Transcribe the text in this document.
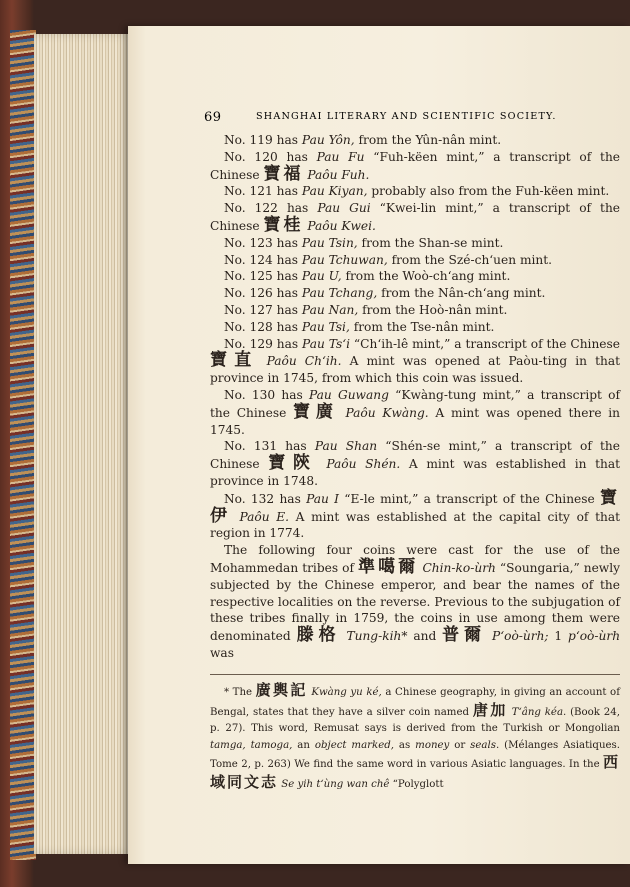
69	SHANGHAI LITERARY AND SCIENTIFIC SOCIETY.

No. 119 has Pau Yôn, from the Yûn-nân mint.

No. 120 has Pau Fu “Fuh-këen mint,” a transcript of the Chinese 寶福 Paôu Fuh.

No. 121 has Pau Kiyan, probably also from the Fuh-këen mint.

No. 122 has Pau Gui “Kwei-lin mint,” a transcript of the Chinese 寶桂 Paôu Kwei.

No. 123 has Pau Tsin, from the Shan-se mint.

No. 124 has Pau Tchuwan, from the Szé-ch‘uen mint.

No. 125 has Pau U, from the Woò-ch‘ang mint.

No. 126 has Pau Tchang, from the Nân-ch‘ang mint.

No. 127 has Pau Nan, from the Hoò-nân mint.

No. 128 has Pau Tsi, from the Tse-nân mint.

No. 129 has Pau Ts‘i “Ch‘ih-lê mint,” a transcript of the Chinese 寶直 Paôu Ch‘ih. A mint was opened at Paòu-ting in that province in 1745, from which this coin was issued.

No. 130 has Pau Guwang “Kwàng-tung mint,” a transcript of the Chinese 寶廣 Paôu Kwàng. A mint was opened there in 1745.

No. 131 has Pau Shan “Shén-se mint,” a transcript of the Chinese 寶陝 Paôu Shén. A mint was established in that province in 1748.

No. 132 has Pau I “E-le mint,” a transcript of the Chinese 寶伊 Paôu E. A mint was established at the capital city of that region in 1774.

The following four coins were cast for the use of the Mohammedan tribes of 準噶爾 Chin-ko-ùrh “Soungaria,” newly subjected by the Chinese emperor, and bear the names of the respective localities on the reverse. Previous to the subjugation of these tribes finally in 1759, the coins in use among them were denominated 滕格 Tung-kih* and 普爾 P‘oò-ùrh; 1 p‘oò-ùrh was

* The 廣輿記 Kwàng yu ké, a Chinese geography, in giving an account of Bengal, states that they have a silver coin named 唐加 T‘âng kéa. (Book 24, p. 27). This word, Remusat says is derived from the Turkish or Mongolian tamga, tamoga, an object marked, as money or seals. (Mélanges Asiatiques. Tome 2, p. 263) We find the same word in various Asiatic languages. In the 西域同文志 Se yih t‘ùng wan chê “Polyglott
